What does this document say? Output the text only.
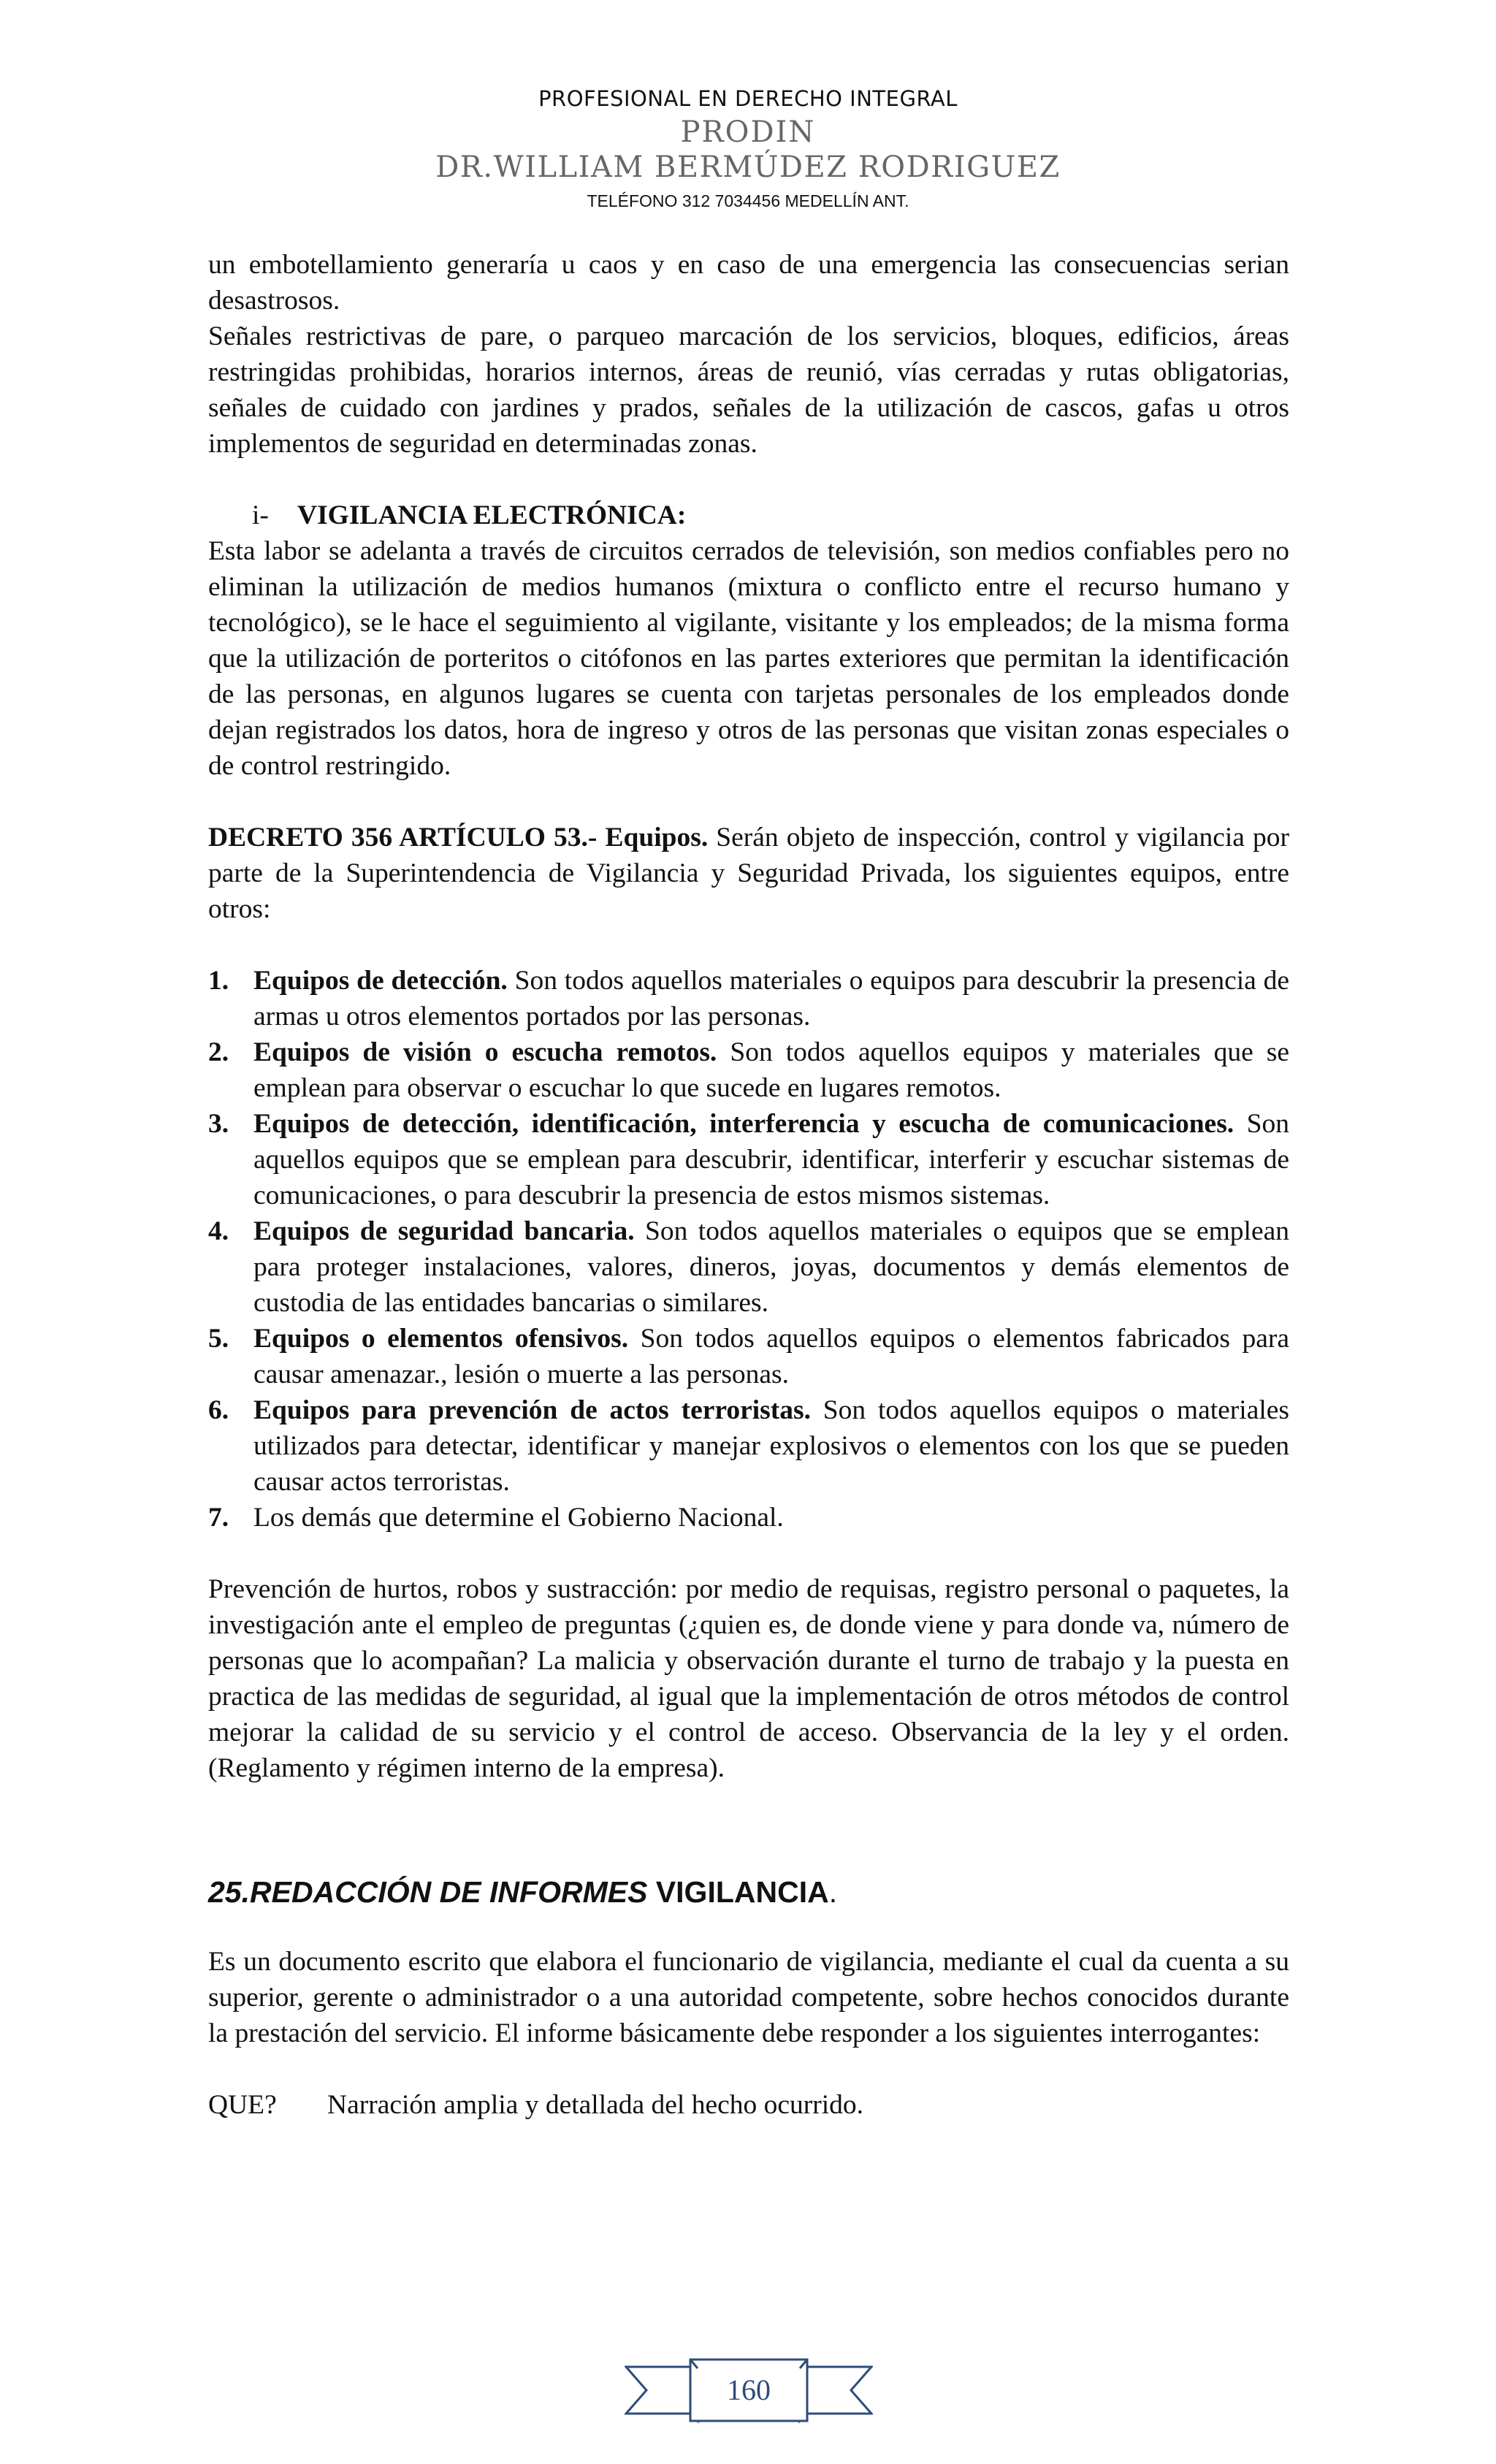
PROFESIONAL EN DERECHO INTEGRAL
PRODIN
DR.WILLIAM BERMÚDEZ RODRIGUEZ
TELÉFONO 312 7034456 MEDELLÍN ANT.

un embotellamiento generaría u caos y en caso de una emergencia las consecuencias serian desastrosos.

Señales restrictivas de pare, o parqueo marcación de los servicios, bloques, edificios, áreas restringidas prohibidas, horarios internos, áreas de reunió, vías cerradas y rutas obligatorias, señales de cuidado con jardines y prados, señales de la utilización de cascos, gafas u otros implementos de seguridad en determinadas zonas.

i- VIGILANCIA ELECTRÓNICA:

Esta labor se adelanta a través de circuitos cerrados de televisión, son medios confiables pero no eliminan la utilización de medios humanos (mixtura o conflicto entre el recurso humano y tecnológico), se le hace el seguimiento al vigilante, visitante y los empleados; de la misma forma que la utilización de porteritos o citófonos en las partes exteriores que permitan la identificación de las personas, en algunos lugares se cuenta con tarjetas personales de los empleados donde dejan registrados los datos, hora de ingreso y otros de las personas que visitan zonas especiales o de control restringido.

DECRETO 356 ARTÍCULO 53.- Equipos. Serán objeto de inspección, control y vigilancia por parte de la Superintendencia de Vigilancia y Seguridad Privada, los siguientes equipos, entre otros:

1. Equipos de detección. Son todos aquellos materiales o equipos para descubrir la presencia de armas u otros elementos portados por las personas.
2. Equipos de visión o escucha remotos. Son todos aquellos equipos y materiales que se emplean para observar o escuchar lo que sucede en lugares remotos.
3. Equipos de detección, identificación, interferencia y escucha de comunicaciones. Son aquellos equipos que se emplean para descubrir, identificar, interferir y escuchar sistemas de comunicaciones, o para descubrir la presencia de estos mismos sistemas.
4. Equipos de seguridad bancaria. Son todos aquellos materiales o equipos que se emplean para proteger instalaciones, valores, dineros, joyas, documentos y demás elementos de custodia de las entidades bancarias o similares.
5. Equipos o elementos ofensivos. Son todos aquellos equipos o elementos fabricados para causar amenazar., lesión o muerte a las personas.
6. Equipos para prevención de actos terroristas. Son todos aquellos equipos o materiales utilizados para detectar, identificar y manejar explosivos o elementos con los que se pueden causar actos terroristas.
7. Los demás que determine el Gobierno Nacional.

Prevención de hurtos, robos y sustracción: por medio de requisas, registro personal o paquetes, la investigación ante el empleo de preguntas (¿quien es, de donde viene y para donde va, número de personas que lo acompañan? La malicia y observación durante el turno de trabajo y la puesta en practica de las medidas de seguridad, al igual que la implementación de otros métodos de control mejorar la calidad de su servicio y el control de acceso. Observancia de la ley y el orden. (Reglamento y régimen interno de la empresa).

25.REDACCIÓN DE INFORMES VIGILANCIA.

Es un documento escrito que elabora el funcionario de vigilancia, mediante el cual da cuenta a su superior, gerente o administrador o a una autoridad competente, sobre hechos conocidos durante la prestación del servicio. El informe básicamente debe responder a los siguientes interrogantes:

QUE? Narración amplia y detallada del hecho ocurrido.

160
